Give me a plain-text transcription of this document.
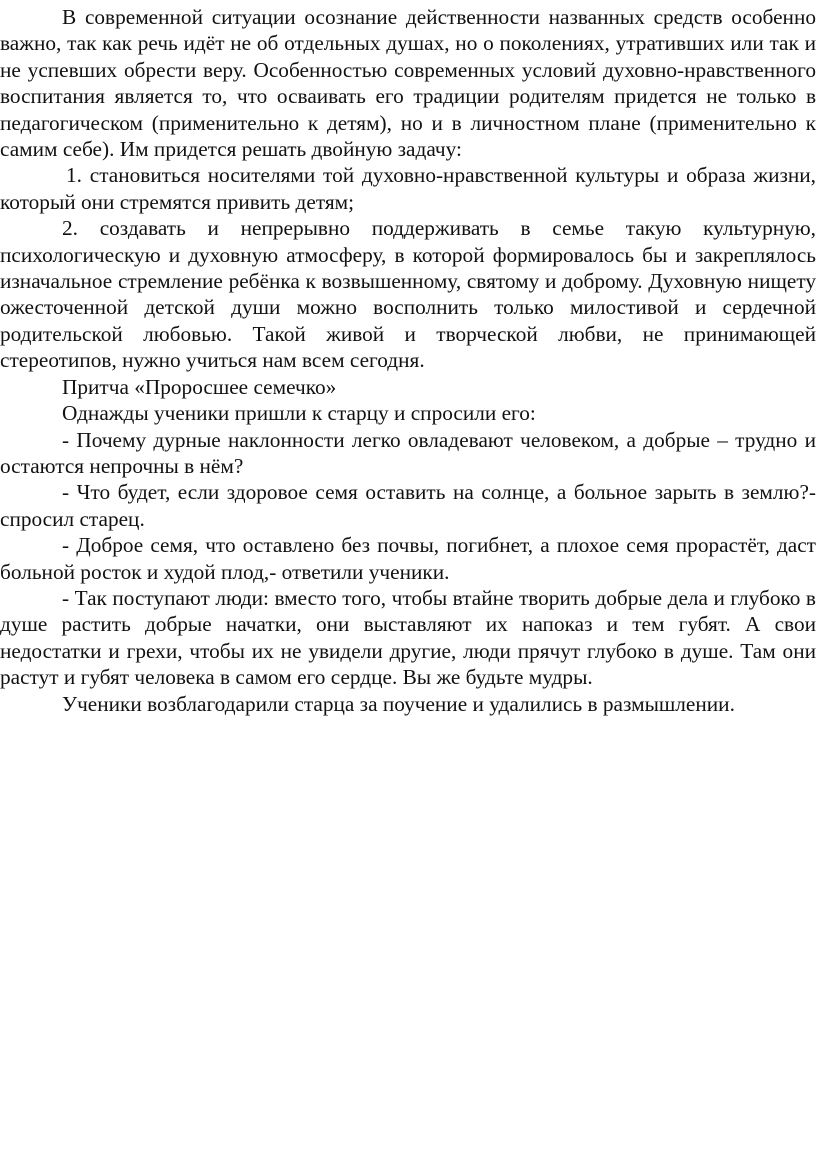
В современной ситуации осознание действенности названных средств особенно важно, так как речь идёт не об отдельных душах, но о поколениях, утративших или так и не успевших обрести веру. Особенностью современных условий духовно-нравственного воспитания является то, что осваивать его традиции родителям придется не только в педагогическом (применительно к детям), но и в личностном плане (применительно к самим себе). Им придется решать двойную задачу:

1. становиться носителями той духовно-нравственной культуры и образа жизни, который они стремятся привить детям;

2. создавать и непрерывно поддерживать в семье такую культурную, психологическую и духовную атмосферу, в которой формировалось бы и закреплялось изначальное стремление ребёнка к возвышенному, святому и доброму. Духовную нищету ожесточенной детской души можно восполнить только милостивой и сердечной родительской любовью. Такой живой и творческой любви, не принимающей стереотипов, нужно учиться нам всем сегодня.

Притча «Проросшее семечко»

Однажды ученики пришли к старцу и спросили его:

- Почему дурные наклонности легко овладевают человеком, а добрые – трудно и остаются непрочны в нём?

- Что будет, если здоровое семя оставить на солнце, а больное зарыть в землю?- спросил старец.

- Доброе семя, что оставлено без почвы, погибнет, а плохое семя прорастёт, даст больной росток и худой плод,- ответили ученики.

- Так поступают люди: вместо того, чтобы втайне творить добрые дела и глубоко в душе растить добрые начатки, они выставляют их напоказ и тем губят. А свои недостатки и грехи, чтобы их не увидели другие, люди прячут глубоко в душе. Там они растут и губят человека в самом его сердце. Вы же будьте мудры.

Ученики возблагодарили старца за поучение и удалились в размышлении.
